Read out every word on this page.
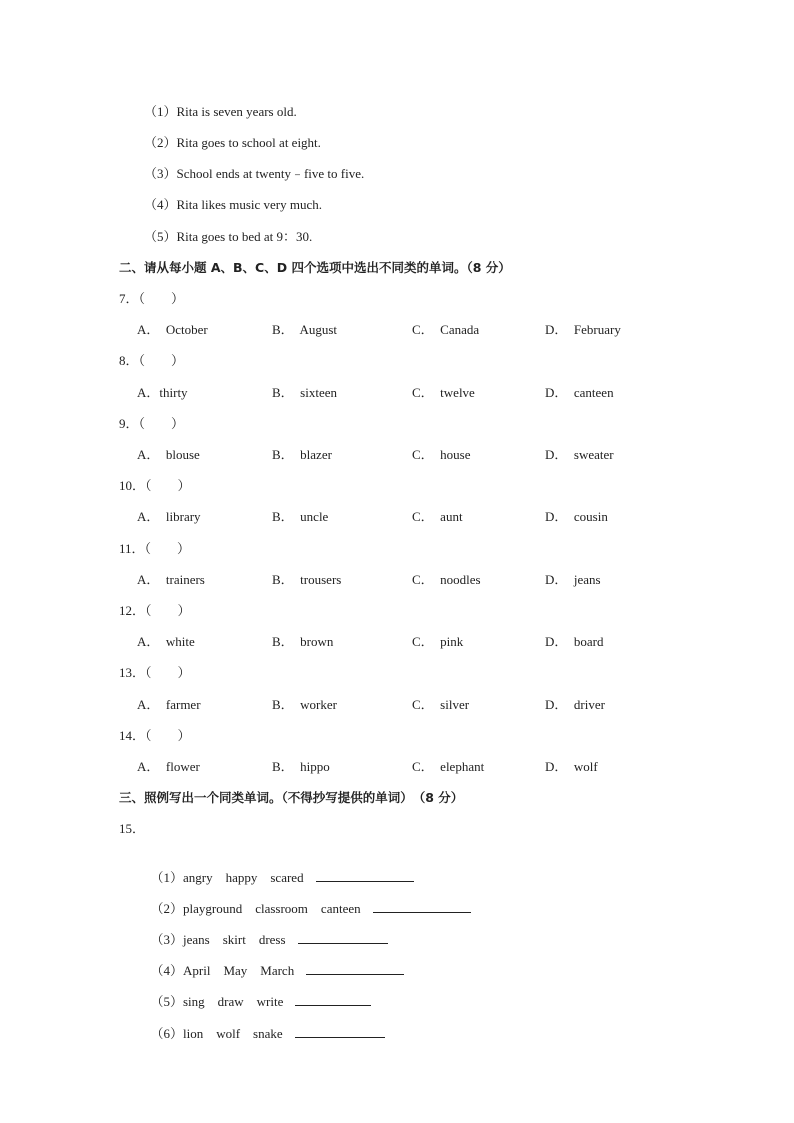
（1）Rita is seven years old.
（2）Rita goes to school at eight.
（3）School ends at twenty﹣five to five.
（4）Rita likes music very much.
（5）Rita goes to bed at 9：30.
二、请从每小题 A、B、C、D 四个选项中选出不同类的单词。（8 分）
7．（　　）
A．  October	B．  August	C．  Canada	D．  February
8．（　　）
A．thirty	B．  sixteen	C．  twelve	D．  canteen
9．（　　）
A．  blouse	B．  blazer	C．  house	D．  sweater
10．（　　）
A．  library	B．  uncle	C．  aunt	D．  cousin
11．（　　）
A．  trainers	B．  trousers	C．  noodles	D．  jeans
12．（　　）
A．  white	B．  brown	C．  pink	D．  board
13．（　　）
A．  farmer	B．  worker	C．  silver	D．  driver
14．（　　）
A．  flower	B．  hippo	C．  elephant	D．  wolf
三、照例写出一个同类单词。（不得抄写提供的单词）　（8 分）
15．

（1）angry　happy　scared

（2）playground　classroom　canteen

（3）jeans　skirt　dress

（4）April　May　March

（5）sing　draw　write

（6）lion　wolf　snake
